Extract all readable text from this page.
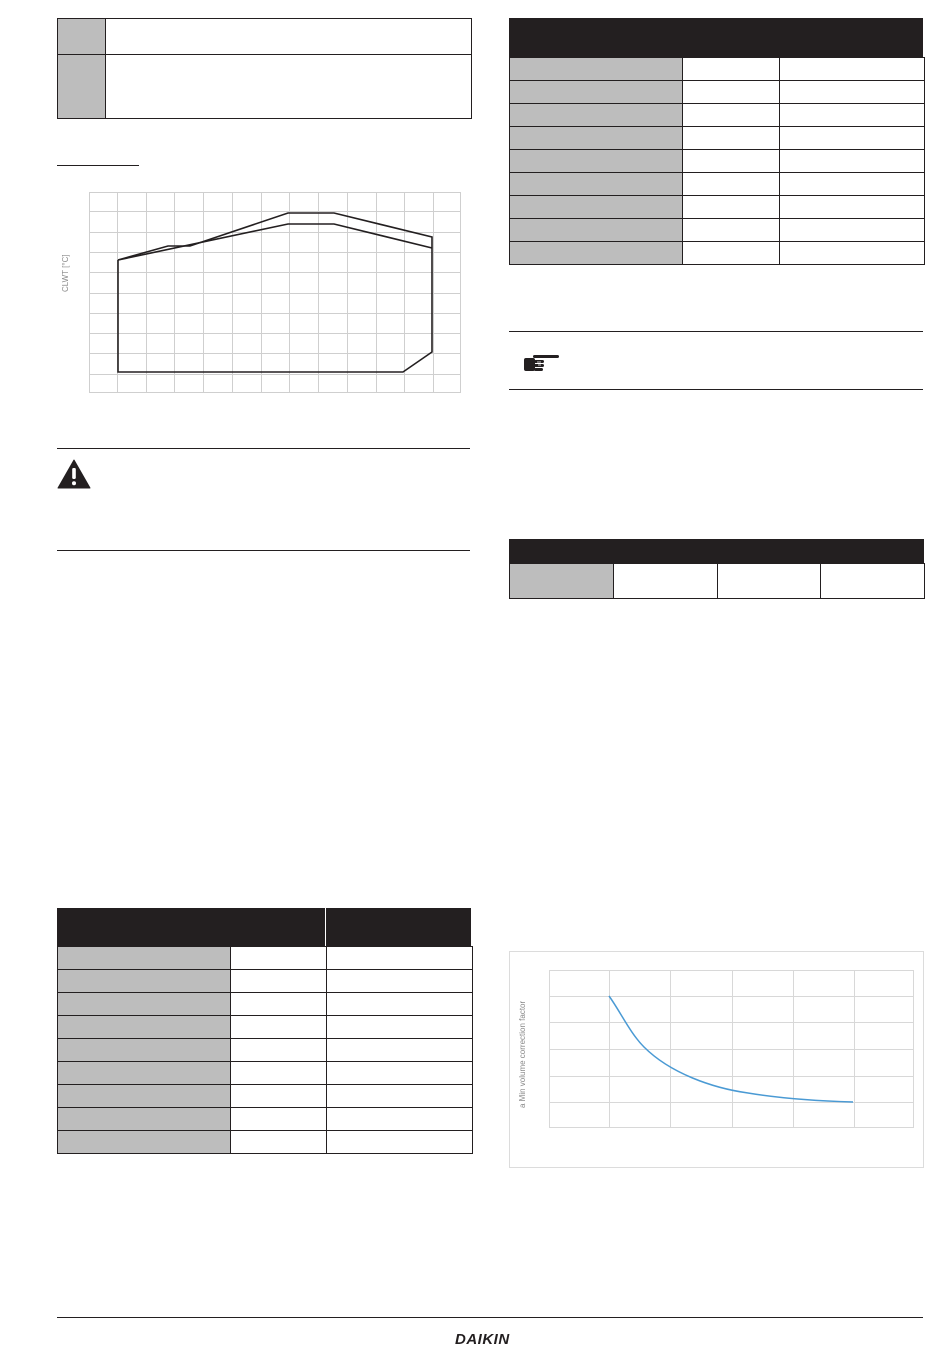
CLWT [°C]

a Min volume correction factor
DAIKIN
